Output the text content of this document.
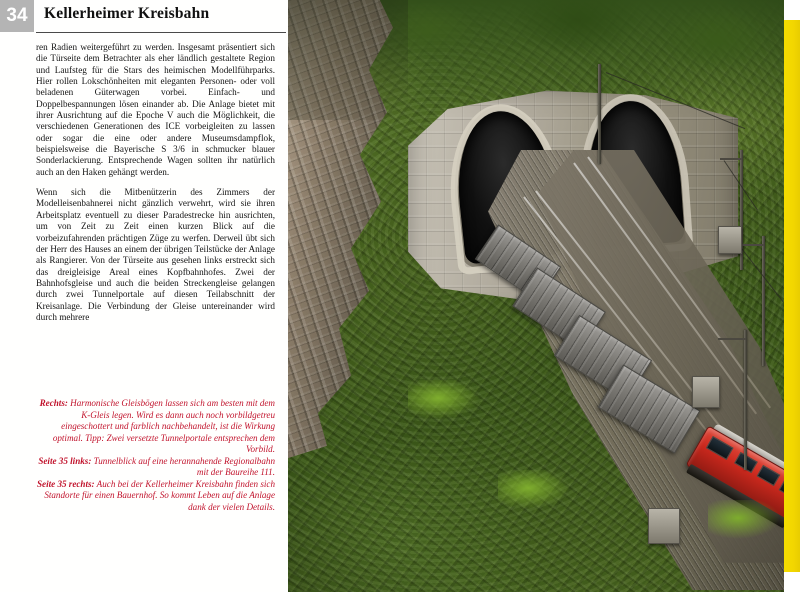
34	Kellerheimer Kreisbahn

ren Radien weitergeführt zu werden. Insgesamt präsentiert sich die Türseite dem Betrachter als eher ländlich gestaltete Region und Laufsteg für die Stars des heimischen Modellführparks. Hier rollen Lokschönheiten mit eleganten Personen- oder voll beladenen Güterwagen vorbei. Einfach- und Doppelbespannungen lösen einander ab. Die Anlage bietet mit ihrer Ausrichtung auf die Epoche V auch die Möglichkeit, die verschiedenen Generationen des ICE vorbeigleiten zu lassen oder sogar die eine oder andere Museumsdampflok, beispielsweise die Bayerische S 3/6 in schmucker blauer Sonderlackierung. Entsprechende Wagen sollten ihr natürlich auch an den Haken gehängt werden.

Wenn sich die Mitbenützerin des Zimmers der Modelleisenbahnerei nicht gänzlich verwehrt, wird sie ihren Arbeitsplatz eventuell zu dieser Paradestrecke hin ausrichten, um von Zeit zu Zeit einen kurzen Blick auf die vorbeizufahrenden prächtigen Züge zu werfen. Derweil übt sich der Herr des Hauses an einem der übrigen Teilstücke der Anlage als Rangierer. Von der Türseite aus gesehen links erstreckt sich das dreigleisige Areal eines Kopfbahnhofes. Zwei der Bahnhofsgleise und auch die beiden Streckengleise gelangen durch zwei Tunnelportale auf diesen Teilabschnitt der Kreisanlage. Die Verbindung der Gleise untereinander wird durch mehrere

Rechts: Harmonische Gleisbögen lassen sich am besten mit dem K-Gleis legen. Wird es dann auch noch vorbildgetreu eingeschottert und farblich nachbehandelt, ist die Wirkung optimal. Tipp: Zwei versetzte Tunnelportale entsprechen dem Vorbild.

Seite 35 links: Tunnelblick auf eine herannahende Regionalbahn mit der Baureihe 111.

Seite 35 rechts: Auch bei der Kellerheimer Kreisbahn finden sich Standorte für einen Bauernhof. So kommt Leben auf die Anlage dank der vielen Details.
